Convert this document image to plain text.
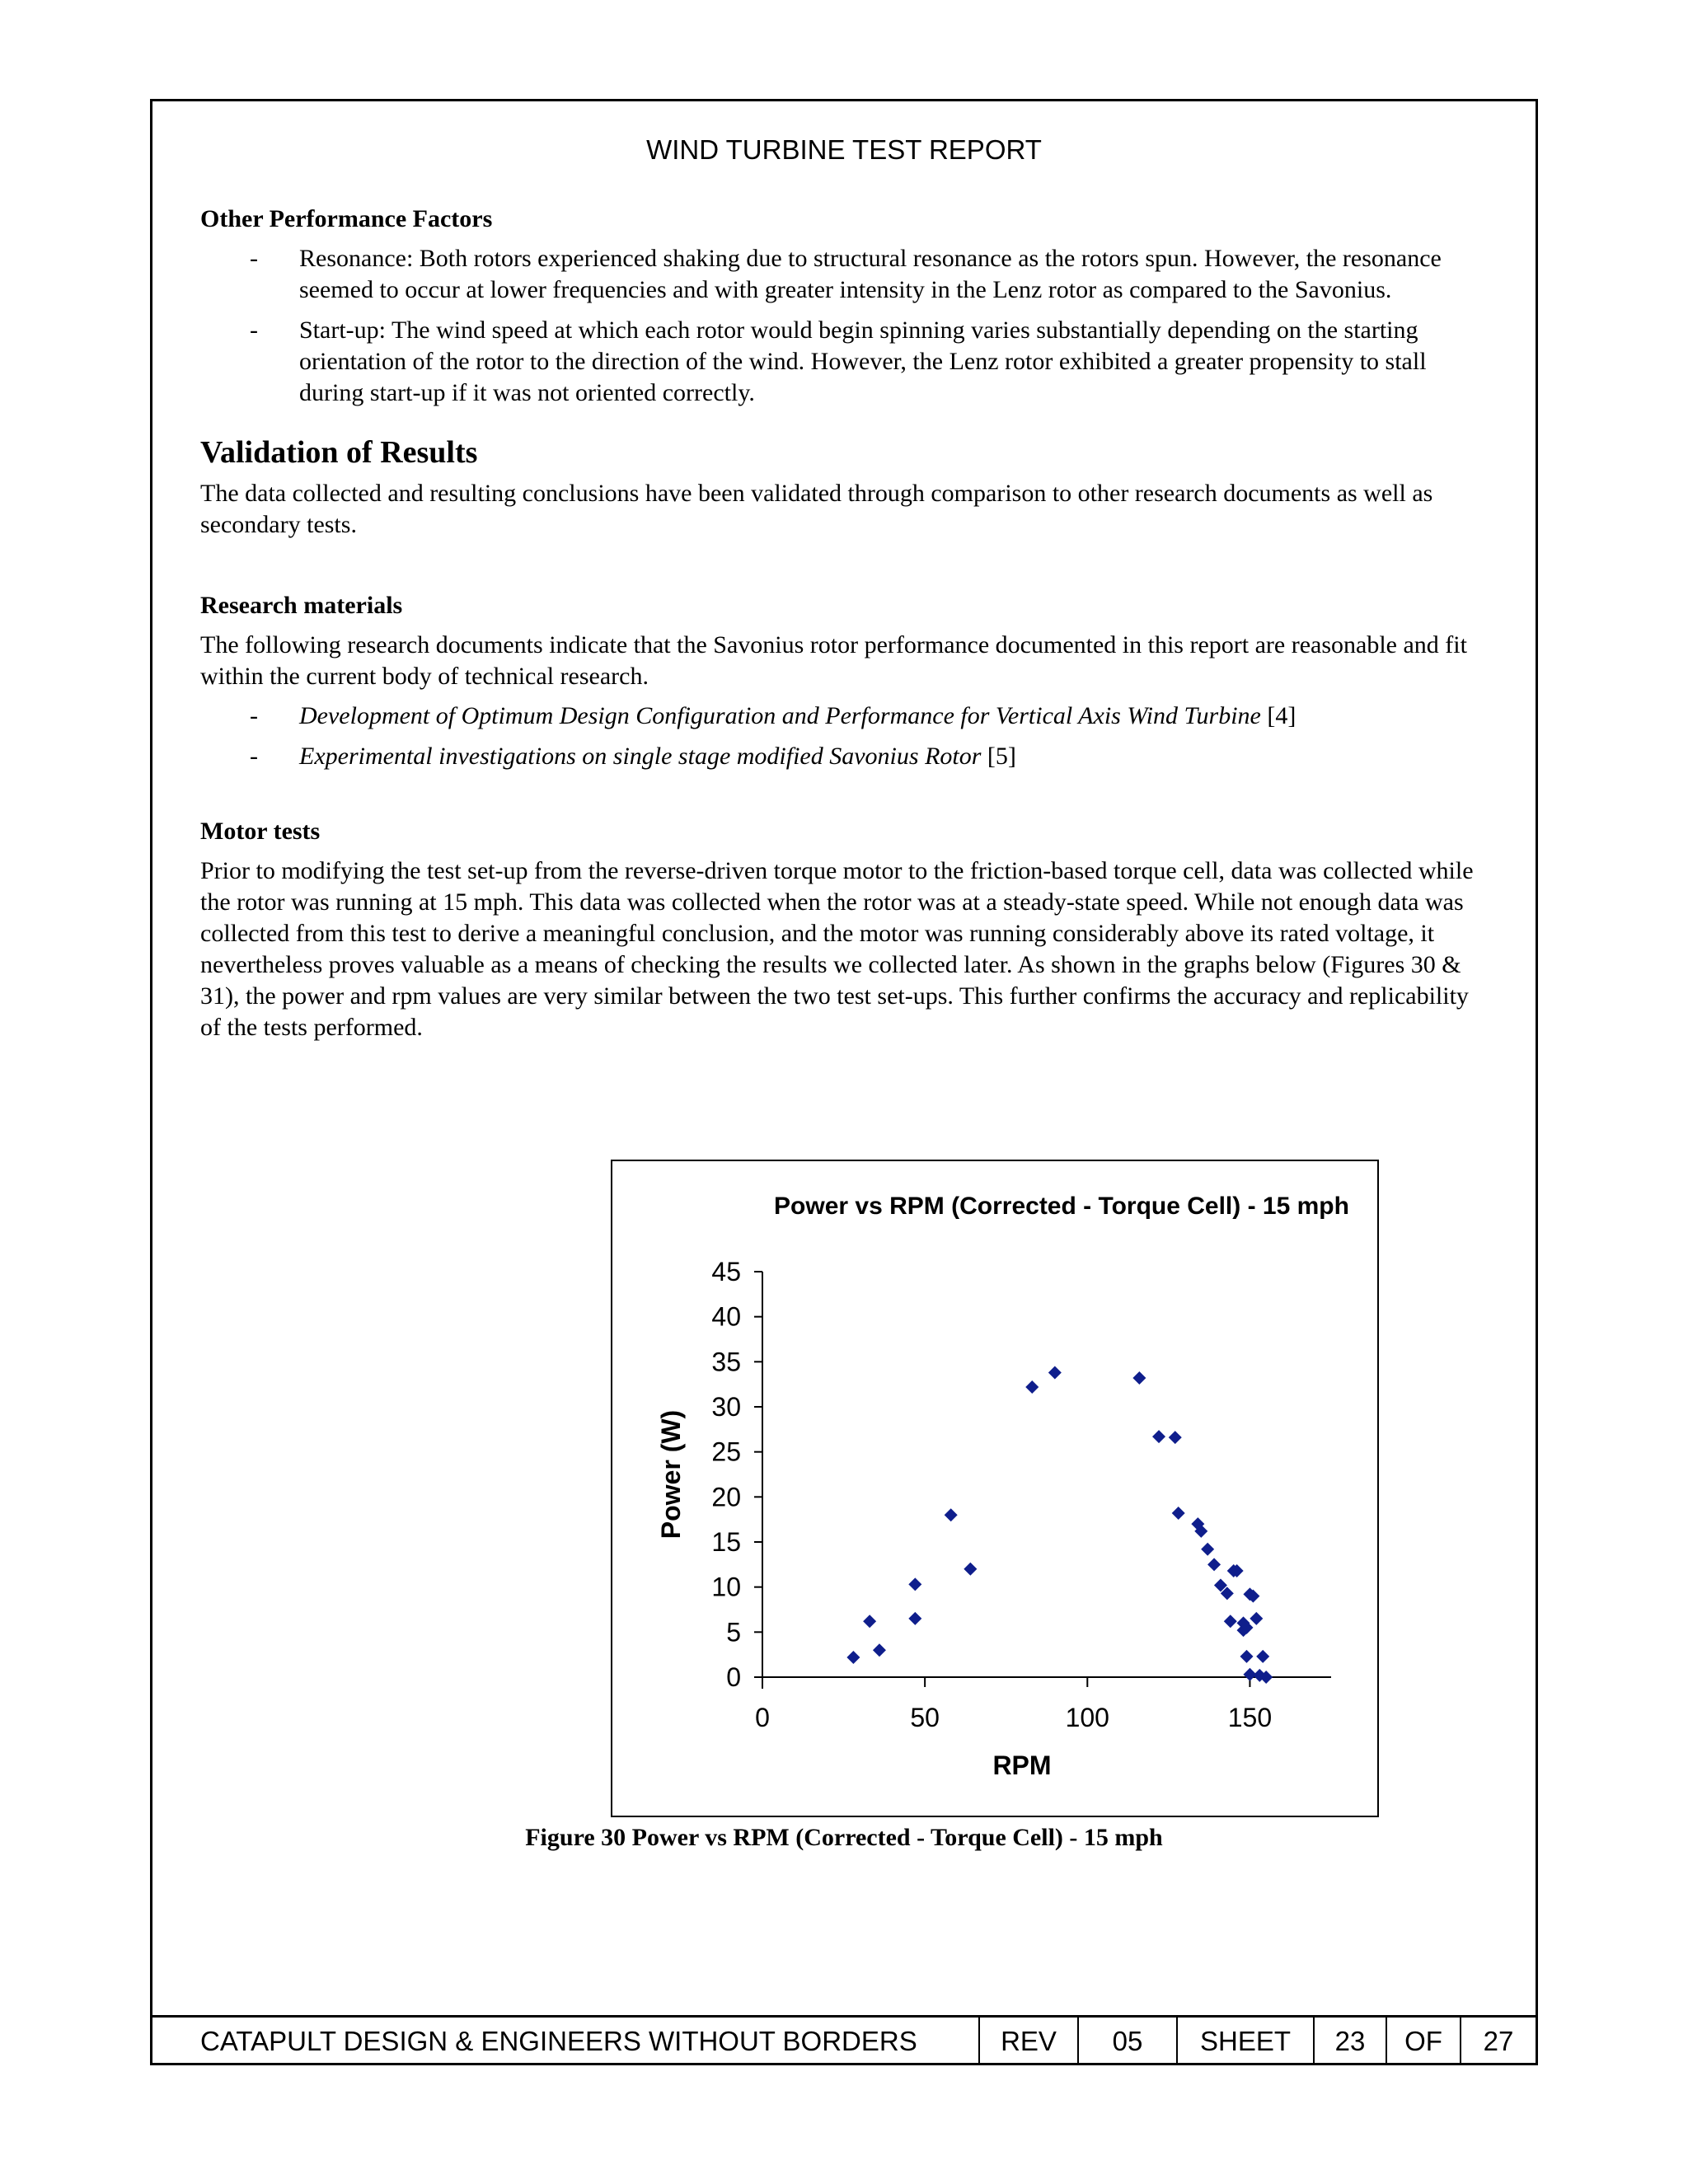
WIND TURBINE TEST REPORT
Other Performance Factors
- Resonance: Both rotors experienced shaking due to structural resonance as the rotors spun. However, the resonance seemed to occur at lower frequencies and with greater intensity in the Lenz rotor as compared to the Savonius.
- Start-up: The wind speed at which each rotor would begin spinning varies substantially depending on the starting orientation of the rotor to the direction of the wind. However, the Lenz rotor exhibited a greater propensity to stall during start-up if it was not oriented correctly.
Validation of Results

The data collected and resulting conclusions have been validated through comparison to other research documents as well as secondary tests.

Research materials

The following research documents indicate that the Savonius rotor performance documented in this report are reasonable and fit within the current body of technical research.

- Development of Optimum Design Configuration and Performance for Vertical Axis Wind Turbine [4]
- Experimental investigations on single stage modified Savonius Rotor [5]
Motor tests

Prior to modifying the test set-up from the reverse-driven torque motor to the friction-based torque cell, data was collected while the rotor was running at 15 mph. This data was collected when the rotor was at a steady-state speed. While not enough data was collected from this test to derive a meaningful conclusion, and the motor was running considerably above its rated voltage, it nevertheless proves valuable as a means of checking the results we collected later. As shown in the graphs below (Figures 30 & 31), the power and rpm values are very similar between the two test set-ups. This further confirms the accuracy and replicability of the tests performed.

Power vs RPM (Corrected - Torque Cell) - 15 mph
0
5
10
15
20
25
30
35
40
45
0	50	100	150
RPM
Power (W)
Figure 30 Power vs RPM (Corrected - Torque Cell) - 15 mph
CATAPULT DESIGN & ENGINEERS WITHOUT BORDERS	REV	05	SHEET	23	OF	27
